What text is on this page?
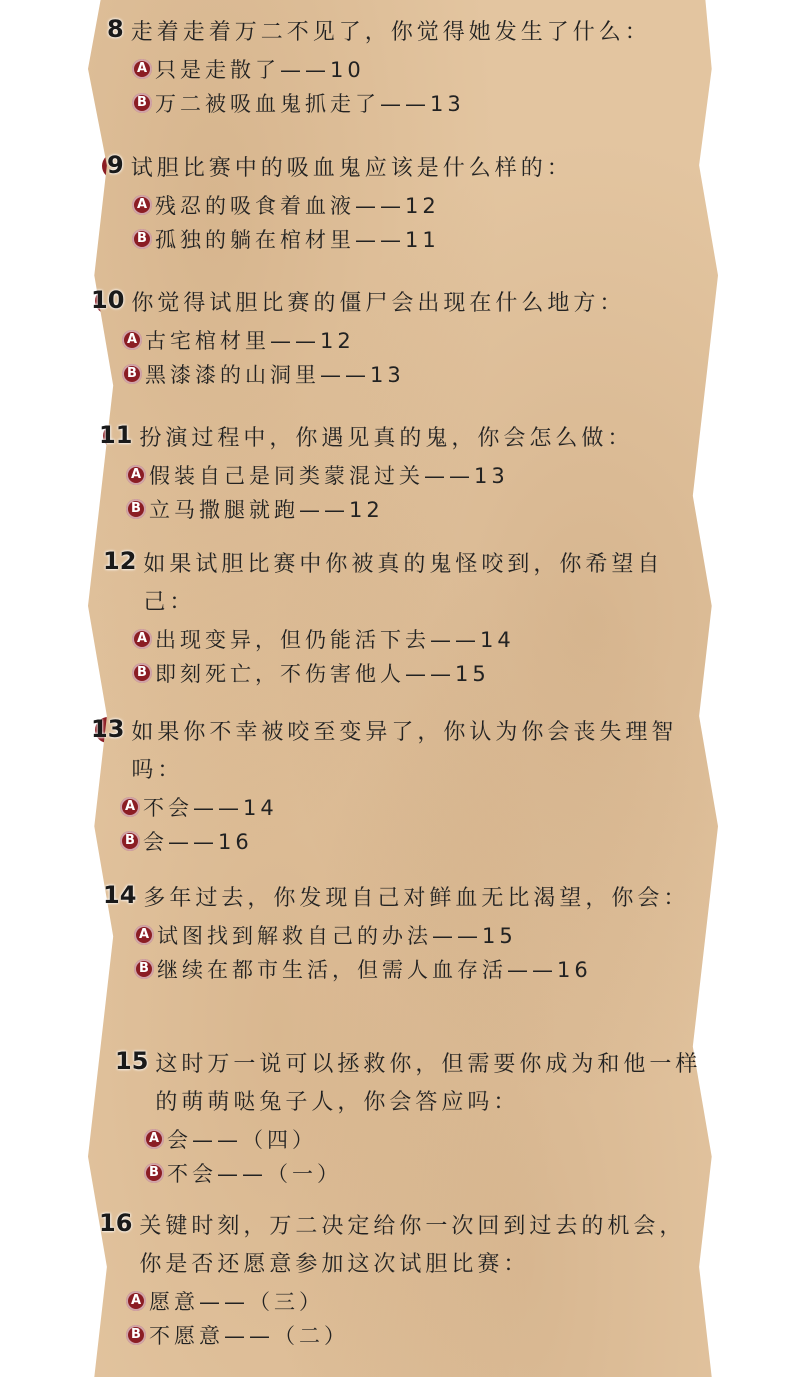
8 走着走着万二不见了，你觉得她发生了什么：
A 只是走散了——10
B 万二被吸血鬼抓走了——13
9 试胆比赛中的吸血鬼应该是什么样的：
A 残忍的吸食着血液——12
B 孤独的躺在棺材里——11
10 你觉得试胆比赛的僵尸会出现在什么地方：
A 古宅棺材里——12
B 黑漆漆的山洞里——13
11 扮演过程中，你遇见真的鬼，你会怎么做：
A 假装自己是同类蒙混过关——13
B 立马撒腿就跑——12
12 如果试胆比赛中你被真的鬼怪咬到，你希望自己：
A 出现变异，但仍能活下去——14
B 即刻死亡，不伤害他人——15
13 如果你不幸被咬至变异了，你认为你会丧失理智吗：
A 不会——14
B 会——16
14 多年过去，你发现自己对鲜血无比渴望，你会：
A 试图找到解救自己的办法——15
B 继续在都市生活，但需人血存活——16
15 这时万一说可以拯救你，但需要你成为和他一样的萌萌哒兔子人，你会答应吗：
A 会——（四）
B 不会——（一）
16 关键时刻，万二决定给你一次回到过去的机会，你是否还愿意参加这次试胆比赛：
A 愿意——（三）
B 不愿意——（二）
